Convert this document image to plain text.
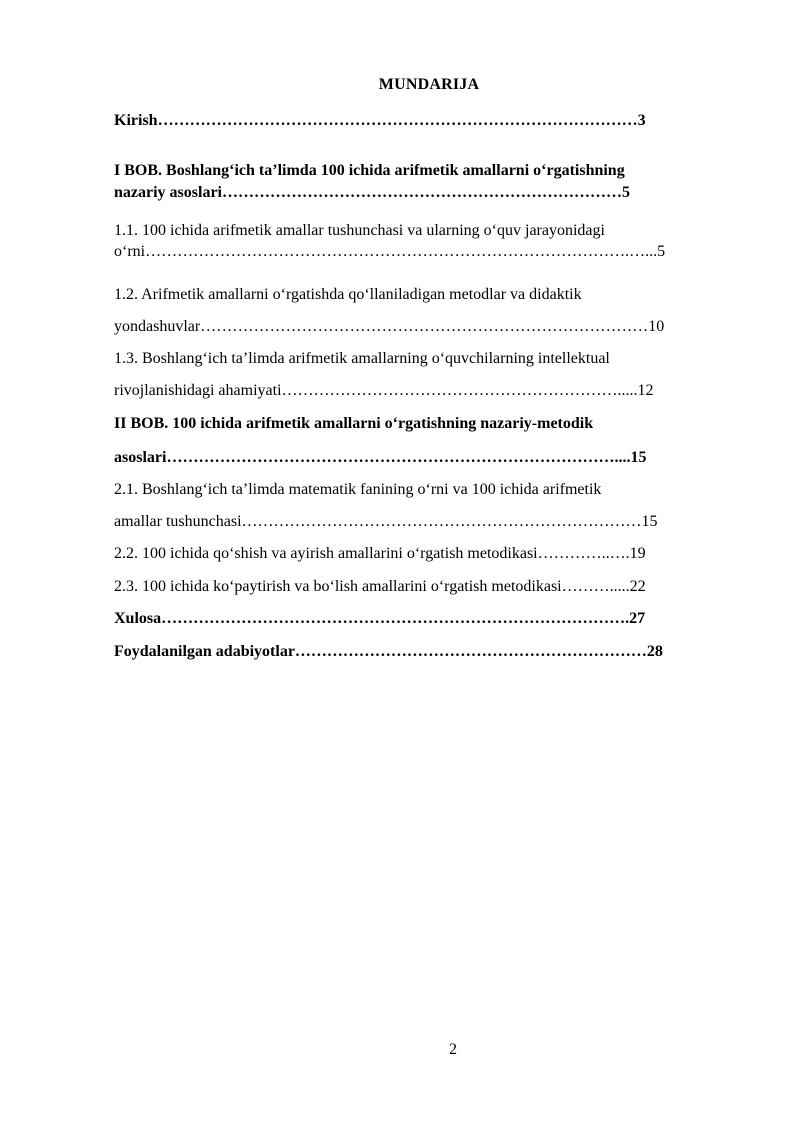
MUNDARIJA
Kirish………………………………………………………………………………3
I BOB. Boshlang‘ich ta’limda 100 ichida arifmetik amallarni o‘rgatishning
nazariy asoslari…………………………………………………………………5
1.1. 100 ichida arifmetik amallar tushunchasi va ularning o‘quv jarayonidagi
o‘rni……………………………………………………………………………….…...5
1.2. Arifmetik amallarni o‘rgatishda qo‘llaniladigan metodlar va didaktik
yondashuvlar…………………………………………………………………………10
1.3. Boshlang‘ich ta’limda arifmetik amallarning o‘quvchilarning intellektual
rivojlanishidagi ahamiyati……………………………………………………….....12
II BOB. 100 ichida arifmetik amallarni o‘rgatishning nazariy-metodik
asoslari…………………………………………………………………………....15
2.1. Boshlang‘ich ta’limda matematik fanining o‘rni va 100 ichida arifmetik
amallar tushunchasi…………………………………………………………………15
2.2. 100 ichida qo‘shish va ayirish amallarini o‘rgatish metodikasi…………..….19
2.3. 100 ichida ko‘paytirish va bo‘lish amallarini o‘rgatish metodikasi……….....22
Xulosa…………………………………………………………………………….27
Foydalanilgan adabiyotlar…………………………………………………………28
2
